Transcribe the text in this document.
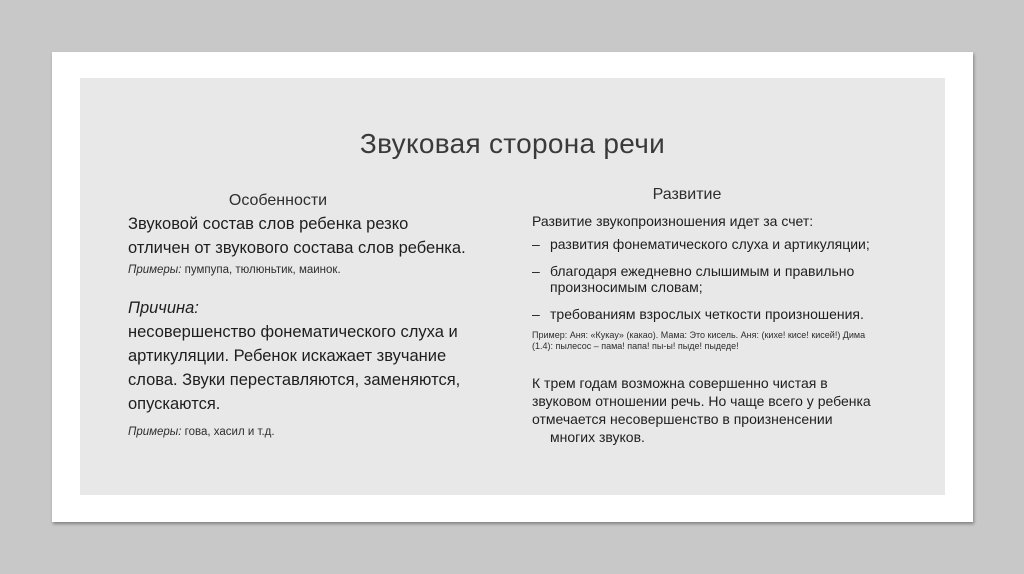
Звуковая сторона речи
Особенности
Звуковой состав слов ребенка резко
отличен от звукового состава слов ребенка.
Примеры: пумпупа, тюлюньтик, маинок.
Причина:
несовершенство фонематического слуха и
артикуляции. Ребенок искажает звучание
слова. Звуки переставляются, заменяются,
опускаются.
Примеры: гова, хасил и т.д.
Развитие
Развитие звукопроизношения идет за счет:
– развития фонематического слуха и артикуляции;
– благодаря ежедневно слышимым и правильно произносимым словам;
– требованиям взрослых четкости произношения.
Пример: Аня: «Кукау» (какао). Мама: Это кисель. Аня: (кихе! кисе! кисей!) Дима
(1.4): пылесос – пама! папа! пы-ы! пыде! пыдеде!
К трем годам возможна совершенно чистая в
звуковом отношении речь. Но чаще всего у ребенка
отмечается несовершенство в произненсении
многих звуков.
